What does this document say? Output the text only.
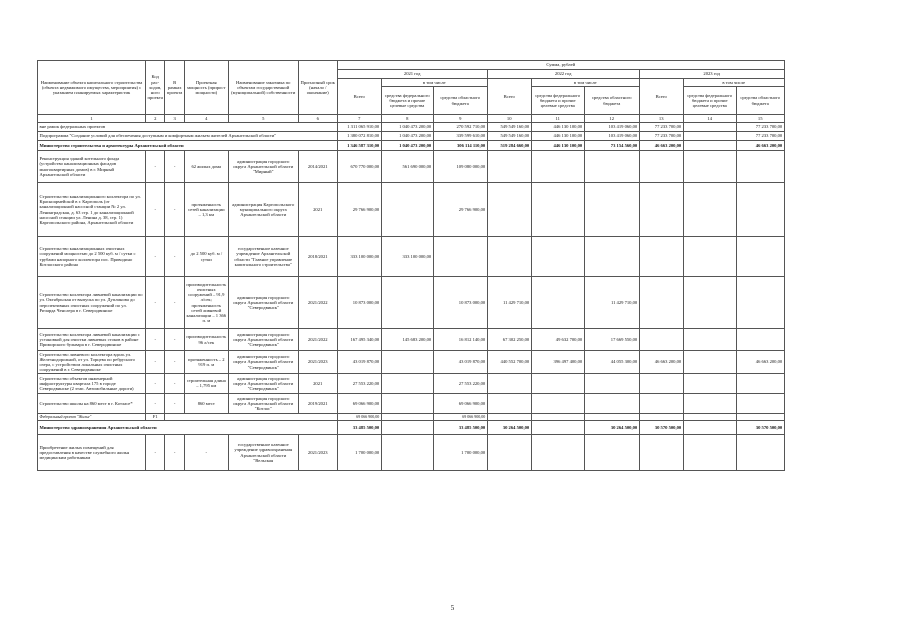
Наименование объекта капитального строительства (объекта недвижимого имущества, мероприятия) с указанием планируемых характеристик	Код рас-ходов, ного проекта	В рамках проекта	Проектная мощность (прирост мощности)	Наименование заказчика по объектам государственной (муниципальной) собственности	Прогнозный срок (начало / окончание)	Сумма, рублей								
						2021 год			2022 год			2023 год		
						Всего	в том числе		Всего	в том числе		Всего	в том числе	
							средства федерального бюджета и прочие целевые средства	средства областного бюджета		средства федерального бюджета и прочие целевые средства	средства областного бюджета		средства федерального бюджета и прочие целевые средства	средства областного бюджета
1	2	3	4	5	6	7	8	9	10	11	12	13	14	15
вне рамок федеральных проектов						1 311 065 910,00	1 040 473 200,00	270 592 710,00	549 549 160,00	446 130 100,00	103 419 060,00	77 233 700,00		77 233 700,00
Подпрограмма "Создание условий для обеспечения доступным и комфортным жильем жителей Архангельской области"						1 380 072 810,00	1 040 473 200,00	339 599 610,00	549 549 160,00	446 130 100,00	103 419 060,00	77 233 700,00		77 233 700,00
Министерство строительства и архитектуры Архангельской области						1 346 587 310,00	1 040 473 200,00	306 114 110,00	519 284 660,00	446 130 100,00	73 154 560,00	46 663 200,00		46 663 200,00
Реконструкция зданий котельного фонда (устройство канализационных фасадов многоквартирных домов) в г. Мирный Архангельской области	-	-	62 жилых дома	администрация городского округа Архангельской области "Мирный"	2014/2021	670 770 000,00	561 690 000,00	109 080 000,00						
Строительство канализационного коллектора по ул. Красноармейской в г. Каргополь (от канализационной насосной станции № 2 ул. Ленинградская, д. 63 стр. 1 до канализационной насосной станции ул. Ленина д. 38, стр. 1) Каргопольского района, Архангельской области	-	-	протяженность сетей канализации – 1,3 км	администрация Каргопольского муниципального округа Архангельской области	2021	29 766 900,00		29 766 900,00						
Строительство канализационных очистных сооружений мощностью до 2 500 куб. м / сутки с трубами напорного коллектора пос. Приводино Котласского района	-	-	до 2 500 куб. м / сутки	государственное казенное учреждение Архангельской области "Главное управление капитального строительства"	2018/2021	333 100 000,00	333 100 000,00							
Строительство коллектора ливневой канализации по ул. Октябрьская от выпуска по ул. Дуплинова до перспективных очистных сооружений по ул. Ричарда Ченслера в г. Северодвинске	-	-	производительность очистных сооружений – 91,9 л/сек; протяженность сетей ливневой канализации – 1 366 п. м	администрация городского округа Архангельской области "Северодвинск"	2021/2022	10 873 000,00		10 873 000,00	11 429 710,00		11 429 710,00			
Строительство коллектора ливневой канализации с установкой для очистки ливневых стоков в районе Приморского бульвара в г. Северодвинске	-	-	производительность 96 л/сек	администрация городского округа Архангельской области "Северодвинск"	2021/2022	167 495 340,00	145 683 200,00	16 812 140,00	67 302 250,00	49 632 700,00	17 669 550,00			
Строительство ливневого коллектора вдоль ул. Железнодорожной, от ул. Торцева по ребрусного озера, с устройством локальных очистных сооружений в г. Северодвинске	-	-	протяженность – 2 919 п. м	администрация городского округа Архангельской области "Северодвинск"	2021/2023	43 019 870,00		43 019 870,00	440 552 700,00	396 497 400,00	44 055 300,00	46 663 200,00		46 663 200,00
Строительство объектов инженерной инфраструктуры квартала 175 в городе Северодвинске (2 этап. Автомобильные дороги)	-	-	строительная длина – 1,795 км	администрация городского округа Архангельской области "Северодвинск"	2021	27 553 220,00		27 553 220,00						
Строительство школы на 860 мест в г. Котласе*	-	-	860 мест	администрация городского округа Архангельской области "Котлас"	2019/2021	69 066 900,00		69 066 900,00						
Федеральный проект "Жилье"	F1					69 066 900,00		69 066 900,00						
Министерство здравоохранения Архангельской области						33 485 500,00		33 485 500,00	30 264 500,00		30 264 500,00	30 570 500,00		30 570 500,00
Приобретение жилых помещений для предоставления в качестве служебного жилья медицинским работникам	-	-	-	государственное казенное учреждение здравоохранения Архангельской области "Вельская	2021/2023	1 700 000,00		1 700 000,00						
5
